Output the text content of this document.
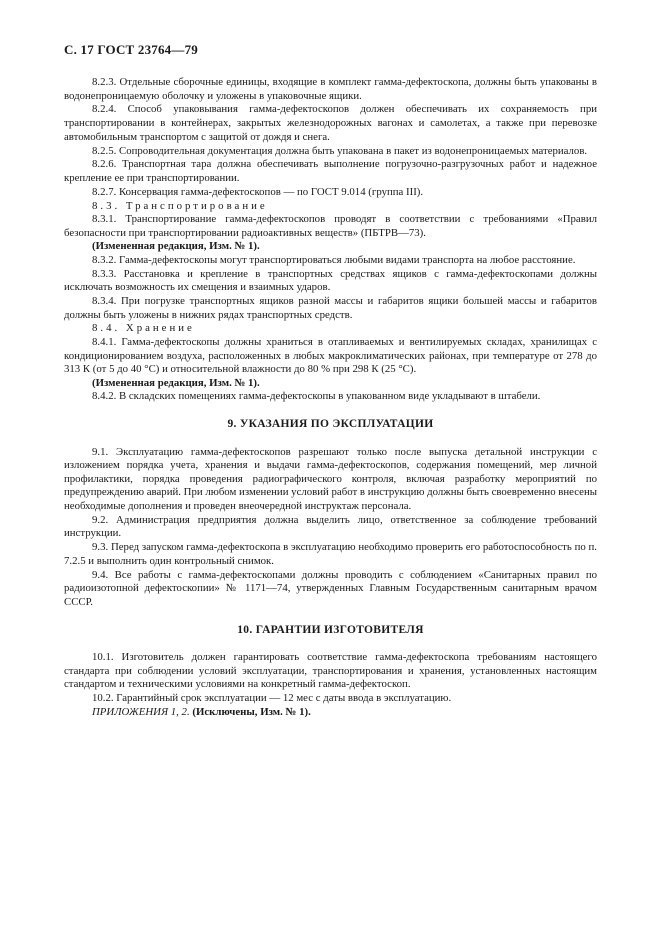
С. 17 ГОСТ 23764—79

8.2.3. Отдельные сборочные единицы, входящие в комплект гамма-дефектоскопа, должны быть упакованы в водонепроницаемую оболочку и уложены в упаковочные ящики.

8.2.4. Способ упаковывания гамма-дефектоскопов должен обеспечивать их сохраняемость при транспортировании в контейнерах, закрытых железнодорожных вагонах и самолетах, а также при перевозке автомобильным транспортом с защитой от дождя и снега.

8.2.5. Сопроводительная документация должна быть упакована в пакет из водонепроницаемых материалов.

8.2.6. Транспортная тара должна обеспечивать выполнение погрузочно-разгрузочных работ и надежное крепление ее при транспортировании.

8.2.7. Консервация гамма-дефектоскопов — по ГОСТ 9.014 (группа III).

8.3. Транспортирование

8.3.1. Транспортирование гамма-дефектоскопов проводят в соответствии с требованиями «Правил безопасности при транспортировании радиоактивных веществ» (ПБТРВ—73).

(Измененная редакция, Изм. № 1).

8.3.2. Гамма-дефектоскопы могут транспортироваться любыми видами транспорта на любое расстояние.

8.3.3. Расстановка и крепление в транспортных средствах ящиков с гамма-дефектоскопами должны исключать возможность их смещения и взаимных ударов.

8.3.4. При погрузке транспортных ящиков разной массы и габаритов ящики большей массы и габаритов должны быть уложены в нижних рядах транспортных средств.

8.4. Хранение

8.4.1. Гамма-дефектоскопы должны храниться в отапливаемых и вентилируемых складах, хранилищах с кондиционированием воздуха, расположенных в любых макроклиматических районах, при температуре от 278 до 313 К (от 5 до 40 °С) и относительной влажности до 80 % при 298 К (25 °С).

(Измененная редакция, Изм. № 1).

8.4.2. В складских помещениях гамма-дефектоскопы в упакованном виде укладывают в штабели.

9. УКАЗАНИЯ ПО ЭКСПЛУАТАЦИИ

9.1. Эксплуатацию гамма-дефектоскопов разрешают только после выпуска детальной инструкции с изложением порядка учета, хранения и выдачи гамма-дефектоскопов, содержания помещений, мер личной профилактики, порядка проведения радиографического контроля, включая разработку мероприятий по предупреждению аварий. При любом изменении условий работ в инструкцию должны быть своевременно внесены необходимые дополнения и проведен внеочередной инструктаж персонала.

9.2. Администрация предприятия должна выделить лицо, ответственное за соблюдение требований инструкции.

9.3. Перед запуском гамма-дефектоскопа в эксплуатацию необходимо проверить его работоспособность по п. 7.2.5 и выполнить один контрольный снимок.

9.4. Все работы с гамма-дефектоскопами должны проводить с соблюдением «Санитарных правил по радиоизотопной дефектоскопии» № 1171—74, утвержденных Главным Государственным санитарным врачом СССР.

10. ГАРАНТИИ ИЗГОТОВИТЕЛЯ

10.1. Изготовитель должен гарантировать соответствие гамма-дефектоскопа требованиям настоящего стандарта при соблюдении условий эксплуатации, транспортирования и хранения, установленных настоящим стандартом и техническими условиями на конкретный гамма-дефектоскоп.

10.2. Гарантийный срок эксплуатации — 12 мес с даты ввода в эксплуатацию.

ПРИЛОЖЕНИЯ 1, 2. (Исключены, Изм. № 1).
